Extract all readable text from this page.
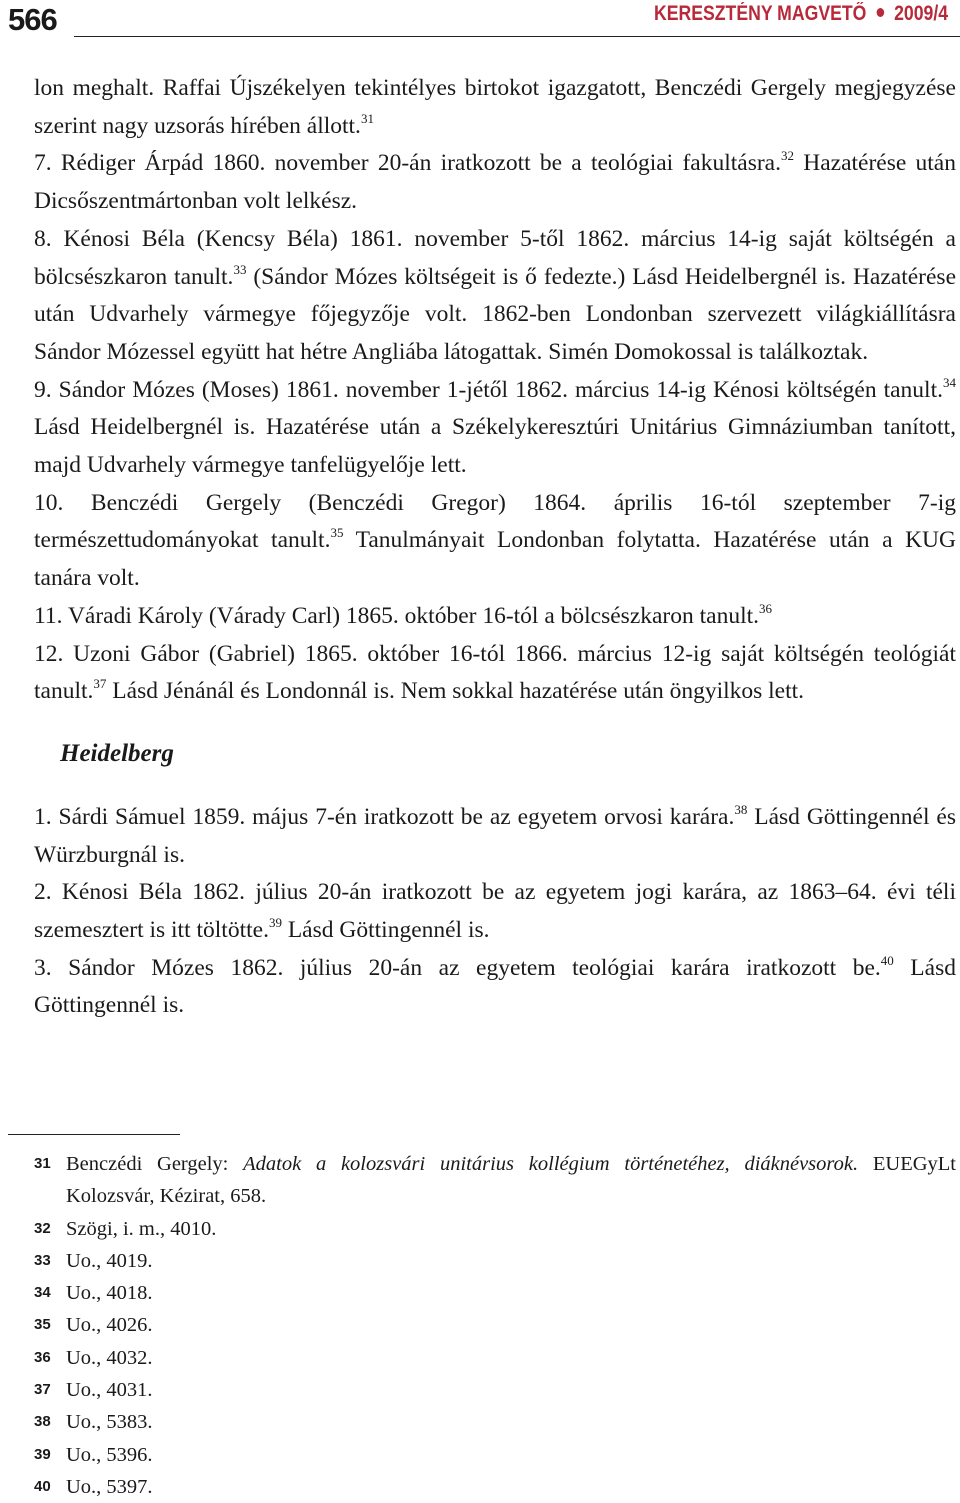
566	KERESZTÉNY MAGVETŐ 2009/4

lon meghalt. Raffai Újszékelyen tekintélyes birtokot igazgatott, Benczédi Gergely megjegyzése szerint nagy uzsorás hírében állott.$^{31}$

7. Rédiger Árpád 1860. november 20-án iratkozott be a teológiai fakultásra.$^{32}$ Hazatérése után Dicsőszentmártonban volt lelkész.

8. Kénosi Béla (Kencsy Béla) 1861. november 5-től 1862. március 14-ig saját költségén a bölcsészkaron tanult.$^{33}$ (Sándor Mózes költségeit is ő fedezte.) Lásd Heidelbergnél is. Hazatérése után Udvarhely vármegye főjegyzője volt. 1862-ben Londonban szervezett világkiállításra Sándor Mózessel együtt hat hétre Angliába látogattak. Simén Domokossal is találkoztak.

9. Sándor Mózes (Moses) 1861. november 1-jétől 1862. március 14-ig Kénosi költségén tanult.$^{34}$ Lásd Heidelbergnél is. Hazatérése után a Székelykeresztúri Unitárius Gimnáziumban tanított, majd Udvarhely vármegye tanfelügyelője lett.

10. Benczédi Gergely (Benczédi Gregor) 1864. április 16-tól szeptember 7-ig természettudományokat tanult.$^{35}$ Tanulmányait Londonban folytatta. Hazatérése után a KUG tanára volt.

11. Váradi Károly (Várady Carl) 1865. október 16-tól a bölcsészkaron tanult.$^{36}$

12. Uzoni Gábor (Gabriel) 1865. október 16-tól 1866. március 12-ig saját költségén teológiát tanult.$^{37}$ Lásd Jénánál és Londonnál is. Nem sokkal hazatérése után öngyilkos lett.

Heidelberg

1. Sárdi Sámuel 1859. május 7-én iratkozott be az egyetem orvosi karára.$^{38}$ Lásd Göttingennél és Würzburgnál is.

2. Kénosi Béla 1862. július 20-án iratkozott be az egyetem jogi karára, az 1863–64. évi téli szemesztert is itt töltötte.$^{39}$ Lásd Göttingennél is.

3. Sándor Mózes 1862. július 20-án az egyetem teológiai karára iratkozott be.$^{40}$ Lásd Göttingennél is.

31 Benczédi Gergely: Adatok a kolozsvári unitárius kollégium történetéhez, diáknévsorok. EUEGyLt Kolozsvár, Kézirat, 658.
32 Szögi, i. m., 4010.
33 Uo., 4019.
34 Uo., 4018.
35 Uo., 4026.
36 Uo., 4032.
37 Uo., 4031.
38 Uo., 5383.
39 Uo., 5396.
40 Uo., 5397.
